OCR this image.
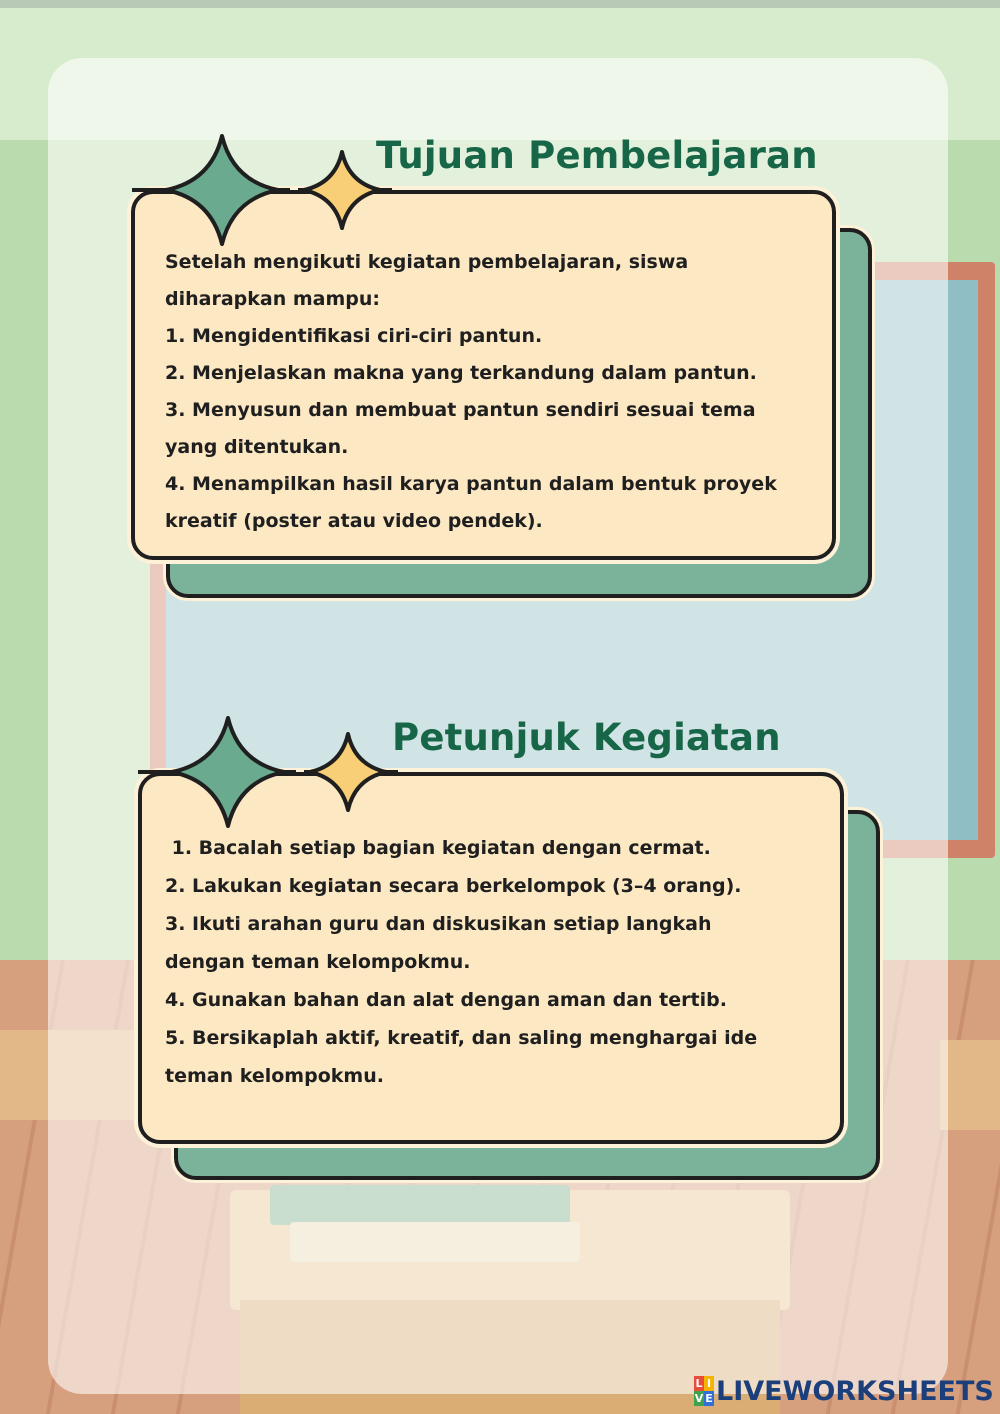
Tujuan Pembelajaran
Setelah mengikuti kegiatan pembelajaran, siswa
diharapkan mampu:
1. Mengidentifikasi ciri-ciri pantun.
2. Menjelaskan makna yang terkandung dalam pantun.
3. Menyusun dan membuat pantun sendiri sesuai tema
yang ditentukan.
4. Menampilkan hasil karya pantun dalam bentuk proyek
kreatif (poster atau video pendek).
Petunjuk Kegiatan
1. Bacalah setiap bagian kegiatan dengan cermat.
2. Lakukan kegiatan secara berkelompok (3–4 orang).
3. Ikuti arahan guru dan diskusikan setiap langkah
dengan teman kelompokmu.
4. Gunakan bahan dan alat dengan aman dan tertib.
5. Bersikaplah aktif, kreatif, dan saling menghargai ide
teman kelompokmu.
L I
V E LIVEWORKSHEETS
